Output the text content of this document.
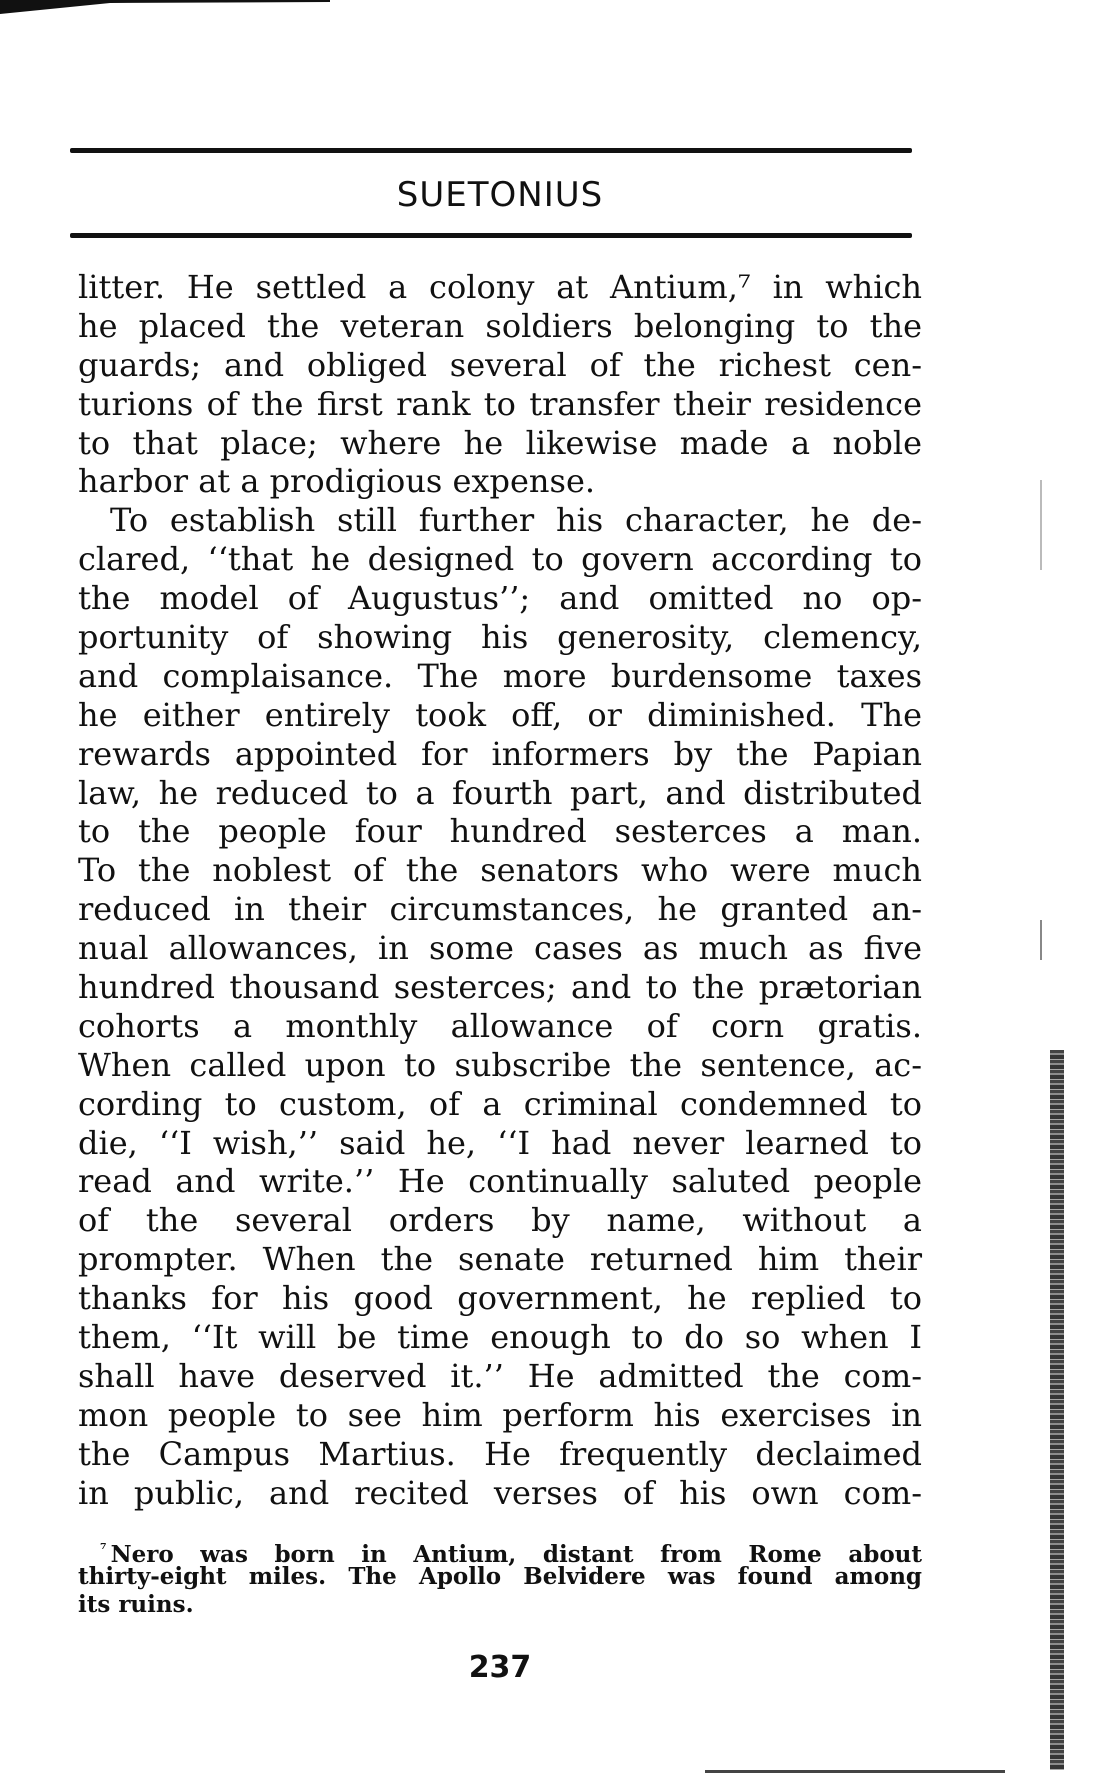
SUETONIUS
litter. He settled a colony at Antium,⁷ in which
he placed the veteran soldiers belonging to the
guards; and obliged several of the richest cen-
turions of the first rank to transfer their residence
to that place; where he likewise made a noble
harbor at a prodigious expense.
To establish still further his character, he de-
clared, ‘‘that he designed to govern according to
the model of Augustus’’; and omitted no op-
portunity of showing his generosity, clemency,
and complaisance. The more burdensome taxes
he either entirely took off, or diminished. The
rewards appointed for informers by the Papian
law, he reduced to a fourth part, and distributed
to the people four hundred sesterces a man.
To the noblest of the senators who were much
reduced in their circumstances, he granted an-
nual allowances, in some cases as much as five
hundred thousand sesterces; and to the prætorian
cohorts a monthly allowance of corn gratis.
When called upon to subscribe the sentence, ac-
cording to custom, of a criminal condemned to
die, ‘‘I wish,’’ said he, ‘‘I had never learned to
read and write.’’ He continually saluted people
of the several orders by name, without a
prompter. When the senate returned him their
thanks for his good government, he replied to
them, ‘‘It will be time enough to do so when I
shall have deserved it.’’ He admitted the com-
mon people to see him perform his exercises in
the Campus Martius. He frequently declaimed
in public, and recited verses of his own com-
$^{^7}$ Nero was born in Antium, distant from Rome about
thirty-eight miles. The Apollo Belvidere was found among
its ruins.
237
